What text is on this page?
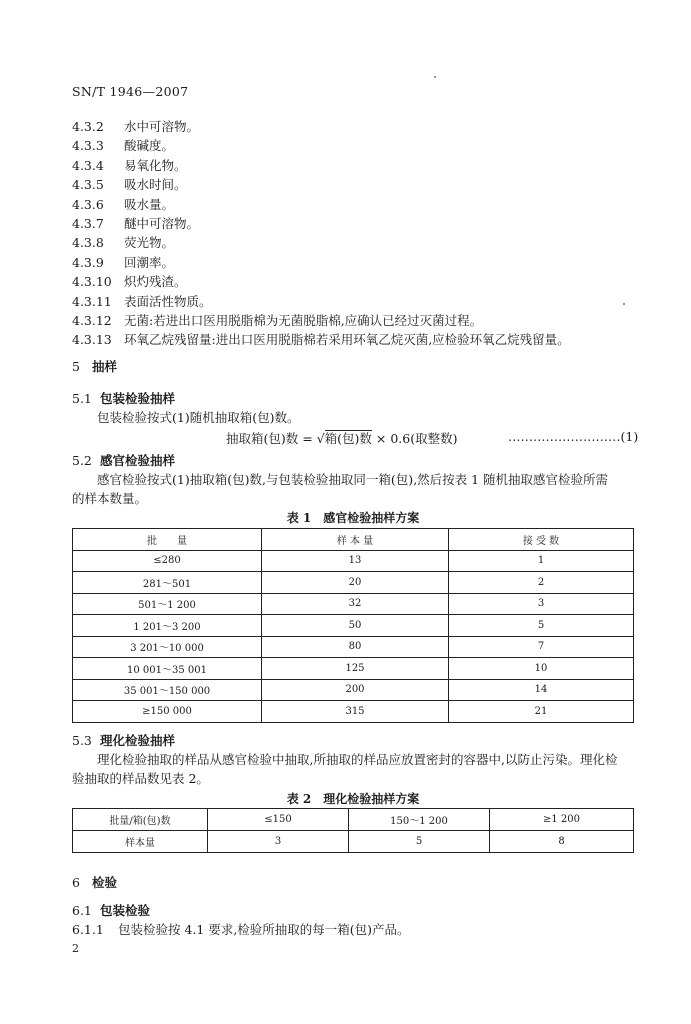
SN/T 1946—2007
4.3.2 水中可溶物。
4.3.3 酸碱度。
4.3.4 易氧化物。
4.3.5 吸水时间。
4.3.6 吸水量。
4.3.7 醚中可溶物。
4.3.8 荧光物。
4.3.9 回潮率。
4.3.10 炽灼残渣。
4.3.11 表面活性物质。
4.3.12 无菌:若进出口医用脱脂棉为无菌脱脂棉,应确认已经过灭菌过程。
4.3.13 环氧乙烷残留量:进出口医用脱脂棉若采用环氧乙烷灭菌,应检验环氧乙烷残留量。
5 抽样
5.1 包装检验抽样
包装检验按式(1)随机抽取箱(包)数。
抽取箱(包)数 = √箱(包)数 × 0.6(取整数)	………………………(1)
5.2 感官检验抽样
感官检验按式(1)抽取箱(包)数,与包装检验抽取同一箱(包),然后按表 1 随机抽取感官检验所需
的样本数量。
表 1　感官检验抽样方案
批　　量	样 本 量	接 受 数
≤280	13	1
281～501	20	2
501～1 200	32	3
1 201～3 200	50	5
3 201～10 000	80	7
10 001～35 001	125	10
35 001～150 000	200	14
≥150 000	315	21
5.3 理化检验抽样
理化检验抽取的样品从感官检验中抽取,所抽取的样品应放置密封的容器中,以防止污染。理化检
验抽取的样品数见表 2。
表 2　理化检验抽样方案
批量/箱(包)数	≤150	150～1 200	≥1 200
样本量	3	5	8
6 检验
6.1 包装检验
6.1.1 包装检验按 4.1 要求,检验所抽取的每一箱(包)产品。
2
